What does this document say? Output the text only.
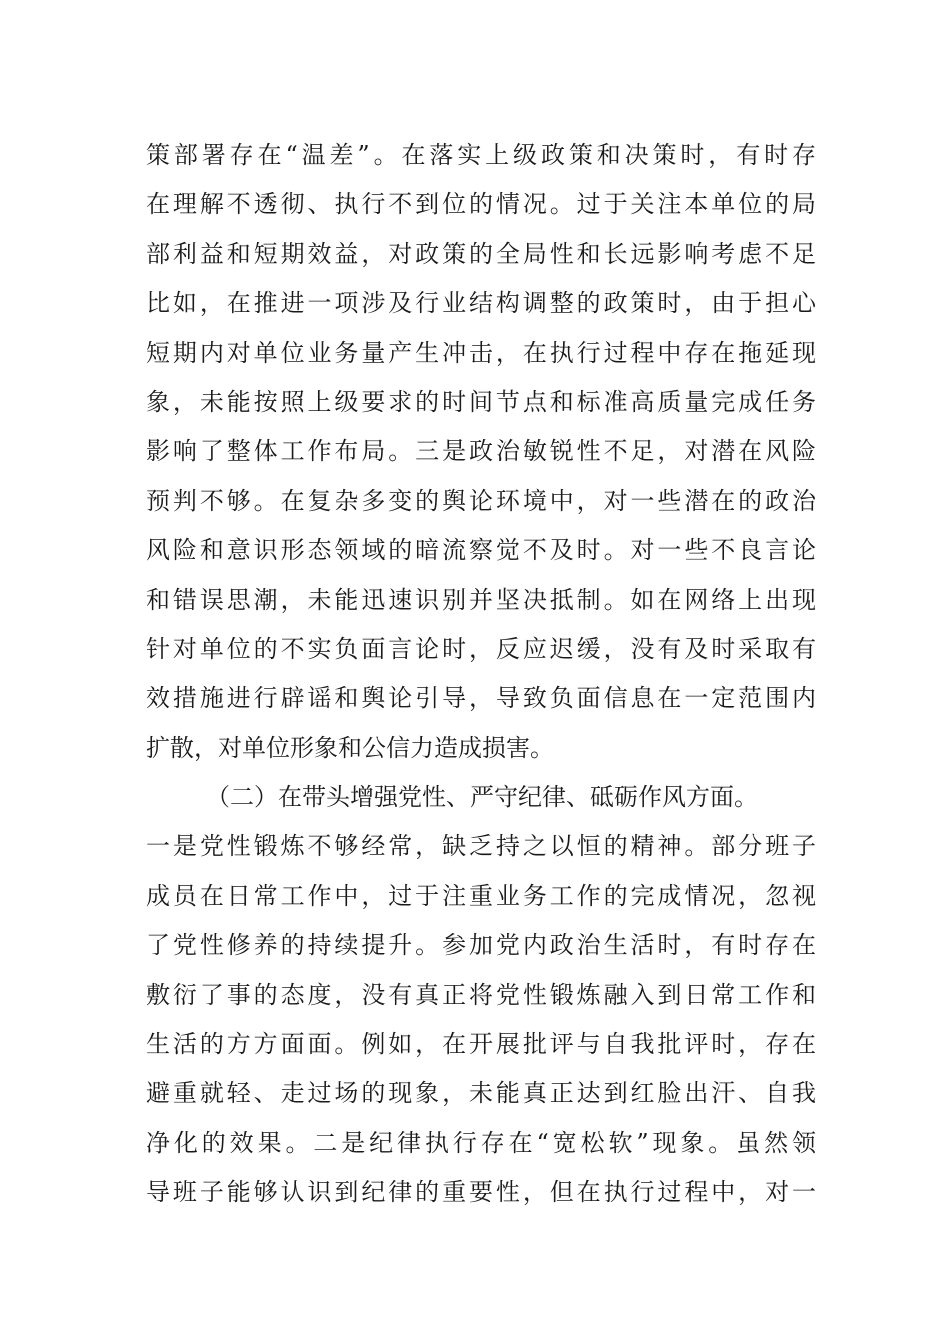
策部署存在“温差”。在落实上级政策和决策时，有时存
在理解不透彻、执行不到位的情况。过于关注本单位的局
部利益和短期效益，对政策的全局性和长远影响考虑不足
比如，在推进一项涉及行业结构调整的政策时，由于担心
短期内对单位业务量产生冲击，在执行过程中存在拖延现
象，未能按照上级要求的时间节点和标准高质量完成任务
影响了整体工作布局。三是政治敏锐性不足，对潜在风险
预判不够。在复杂多变的舆论环境中，对一些潜在的政治
风险和意识形态领域的暗流察觉不及时。对一些不良言论
和错误思潮，未能迅速识别并坚决抵制。如在网络上出现
针对单位的不实负面言论时，反应迟缓，没有及时采取有
效措施进行辟谣和舆论引导，导致负面信息在一定范围内
扩散，对单位形象和公信力造成损害。
（二）在带头增强党性、严守纪律、砥砺作风方面。
一是党性锻炼不够经常，缺乏持之以恒的精神。部分班子
成员在日常工作中，过于注重业务工作的完成情况，忽视
了党性修养的持续提升。参加党内政治生活时，有时存在
敷衍了事的态度，没有真正将党性锻炼融入到日常工作和
生活的方方面面。例如，在开展批评与自我批评时，存在
避重就轻、走过场的现象，未能真正达到红脸出汗、自我
净化的效果。二是纪律执行存在“宽松软”现象。虽然领
导班子能够认识到纪律的重要性，但在执行过程中，对一
